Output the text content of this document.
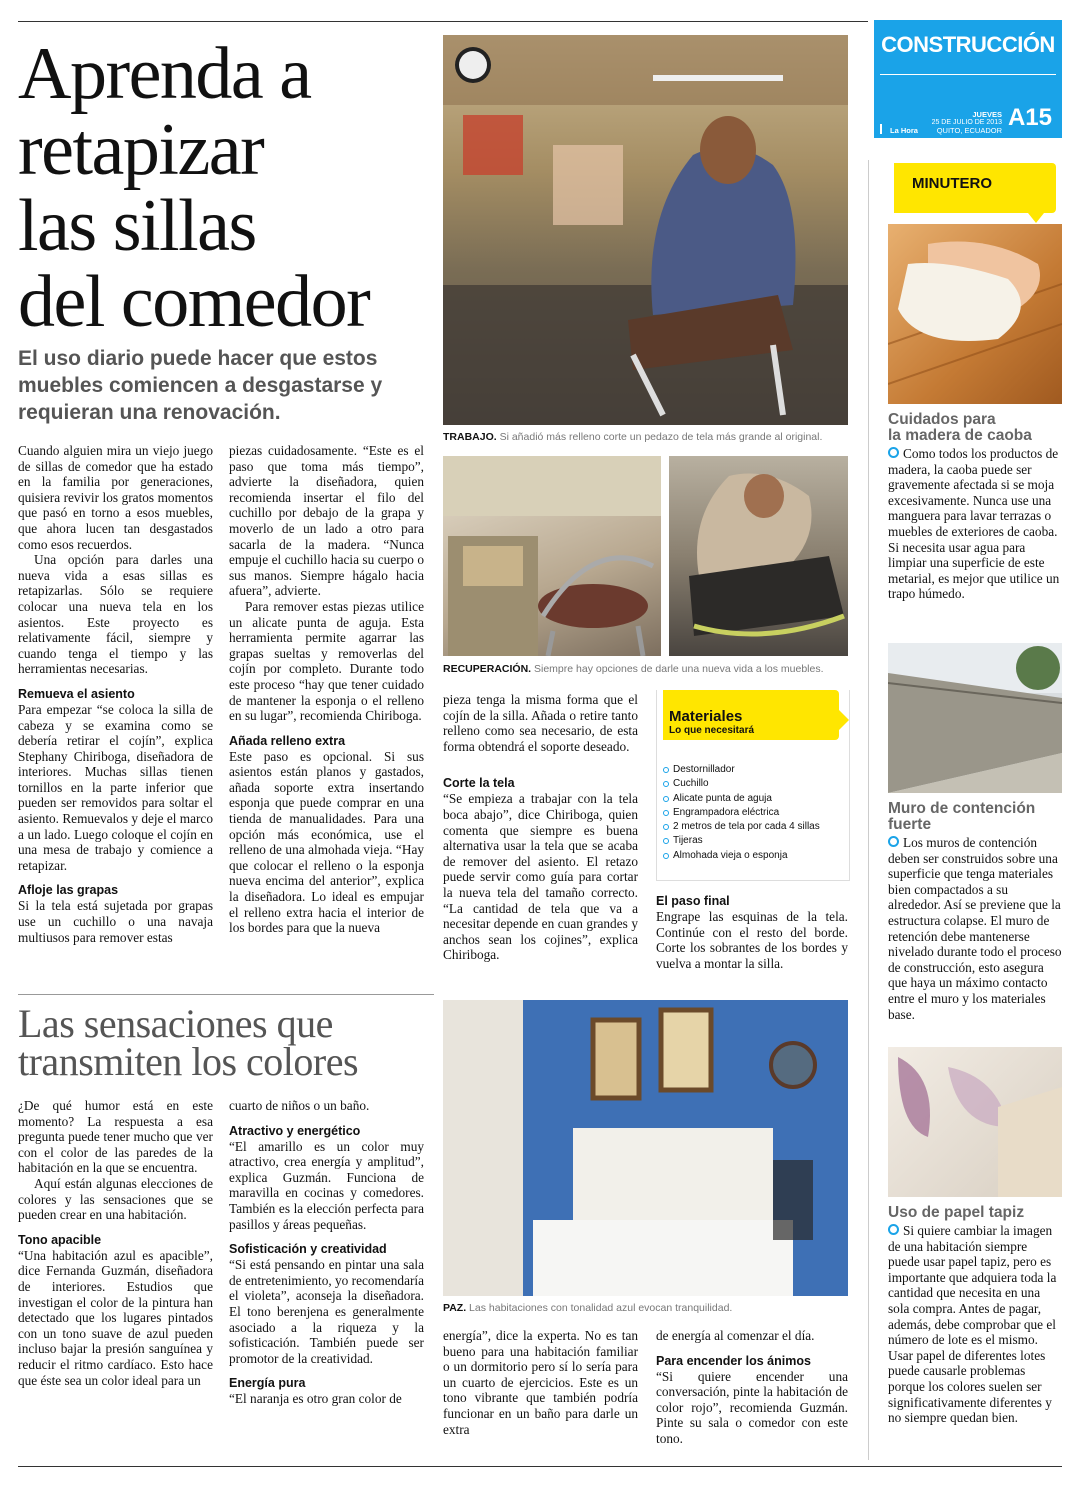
CONSTRUCCIÓN
JUEVES
25 DE JULIO DE 2013
La Hora	QUITO, ECUADOR A15
Aprenda a
retapizar
las sillas
del comedor
El uso diario puede hacer que estos
muebles comiencen a desgastarse y
requieran una renovación.

Cuando alguien mira un viejo juego de sillas de comedor que ha estado en la familia por generaciones, quisiera revivir los gratos momentos que pasó en torno a esos muebles, que ahora lucen tan desgastados como esos recuerdos.

Una opción para darles una nueva vida a esas sillas es retapizarlas. Sólo se requiere colocar una nueva tela en los asientos. Este proyecto es relativamente fácil, siempre y cuando tenga el tiempo y las herramientas necesarias.

Remueva el asiento

Para empezar “se coloca la silla de cabeza y se examina como se debería retirar el cojín”, explica Stephany Chiriboga, diseñadora de interiores. Muchas sillas tienen tornillos en la parte inferior que pueden ser removidos para soltar el asiento. Remuevalos y deje el marco a un lado. Luego coloque el cojín en una mesa de trabajo y comience a retapizar.

Afloje las grapas

Si la tela está sujetada por grapas use un cuchillo o una navaja multiusos para remover estas

piezas cuidadosamente. “Este es el paso que toma más tiempo”, advierte la diseñadora, quien recomienda insertar el filo del cuchillo por debajo de la grapa y moverlo de un lado a otro para sacarla de la madera. “Nunca empuje el cuchillo hacia su cuerpo o sus manos. Siempre hágalo hacia afuera”, advierte.

Para remover estas piezas utilice un alicate punta de aguja. Esta herramienta permite agarrar las grapas sueltas y removerlas del cojín por completo. Durante todo este proceso “hay que tener cuidado de mantener la esponja o el relleno en su lugar”, recomienda Chiriboga.

Añada relleno extra

Este paso es opcional. Si sus asientos están planos y gastados, añada soporte extra insertando esponja que puede comprar en una tienda de manualidades. Para una opción más económica, use el relleno de una almohada vieja. “Hay que colocar el relleno o la esponja nueva encima del anterior”, explica la diseñadora. Lo ideal es empujar el relleno extra hacia el interior de los bordes para que la nueva

pieza tenga la misma forma que el cojín de la silla. Añada o retire tanto relleno como sea necesario, de esta forma obtendrá el soporte deseado.

Corte la tela

“Se empieza a trabajar con la tela boca abajo”, dice Chiriboga, quien comenta que siempre es buena alternativa usar la tela que se acaba de remover del asiento. El retazo puede servir como guía para cortar la nueva tela del tamaño correcto. “La cantidad de tela que va a necesitar depende en cuan grandes y anchos sean los cojines”, explica Chiriboga.

Materiales
Lo que necesitará
Destornillador
Cuchillo
Alicate punta de aguja
Engrampadora eléctrica
2 metros de tela por cada 4 sillas
Tijeras
Almohada vieja o esponja
El paso final

Engrape las esquinas de la tela. Continúe con el resto del borde. Corte los sobrantes de los bordes y vuelva a montar la silla.

TRABAJO. Si añadió más relleno corte un pedazo de tela más grande al original.
RECUPERACIÓN. Siempre hay opciones de darle una nueva vida a los muebles.
Las sensaciones que
transmiten los colores

¿De qué humor está en este momento? La respuesta a esa pregunta puede tener mucho que ver con el color de las paredes de la habitación en la que se encuentra.

Aquí están algunas elecciones de colores y las sensaciones que se pueden crear en una habitación.

Tono apacible

“Una habitación azul es apacible”, dice Fernanda Guzmán, diseñadora de interiores. Estudios que investigan el color de la pintura han detectado que los lugares pintados con un tono suave de azul pueden incluso bajar la presión sanguínea y reducir el ritmo cardíaco. Esto hace que éste sea un color ideal para un

cuarto de niños o un baño.

Atractivo y energético

“El amarillo es un color muy atractivo, crea energía y amplitud”, explica Guzmán. Funciona de maravilla en cocinas y comedores. También es la elección perfecta para pasillos y áreas pequeñas.

Sofisticación y creatividad

“Si está pensando en pintar una sala de entretenimiento, yo recomendaría el violeta”, aconseja la diseñadora. El tono berenjena es generalmente asociado a la riqueza y la sofisticación. También puede ser promotor de la creatividad.

Energía pura

“El naranja es otro gran color de

energía”, dice la experta. No es tan bueno para una habitación familiar o un dormitorio pero sí lo sería para un cuarto de ejercicios. Este es un tono vibrante que también podría funcionar en un baño para darle un extra

de energía al comenzar el día.

Para encender los ánimos

“Si quiere encender una conversación, pinte la habitación de color rojo”, recomienda Guzmán. Pinte su sala o comedor con este tono.

PAZ. Las habitaciones con tonalidad azul evocan tranquilidad.
MINUTERO
Cuidados para
la madera de caoba
Como todos los productos de madera, la caoba puede ser gravemente afectada si se moja excesivamente. Nunca use una manguera para lavar terrazas o muebles de exteriores de caoba. Si necesita usar agua para limpiar una superficie de este metarial, es mejor que utilice un trapo húmedo.
Muro de contención
fuerte
Los muros de contención deben ser construidos sobre una superficie que tenga materiales bien compactados a su alrededor. Así se previene que la estructura colapse. El muro de retención debe mantenerse nivelado durante todo el proceso de construcción, esto asegura que haya un máximo contacto entre el muro y los materiales base.
Uso de papel tapiz
Si quiere cambiar la imagen de una habitación siempre puede usar papel tapiz, pero es importante que adquiera toda la cantidad que necesita en una sola compra. Antes de pagar, además, debe comprobar que el número de lote es el mismo. Usar papel de diferentes lotes puede causarle problemas porque los colores suelen ser significativamente diferentes y no siempre quedan bien.
